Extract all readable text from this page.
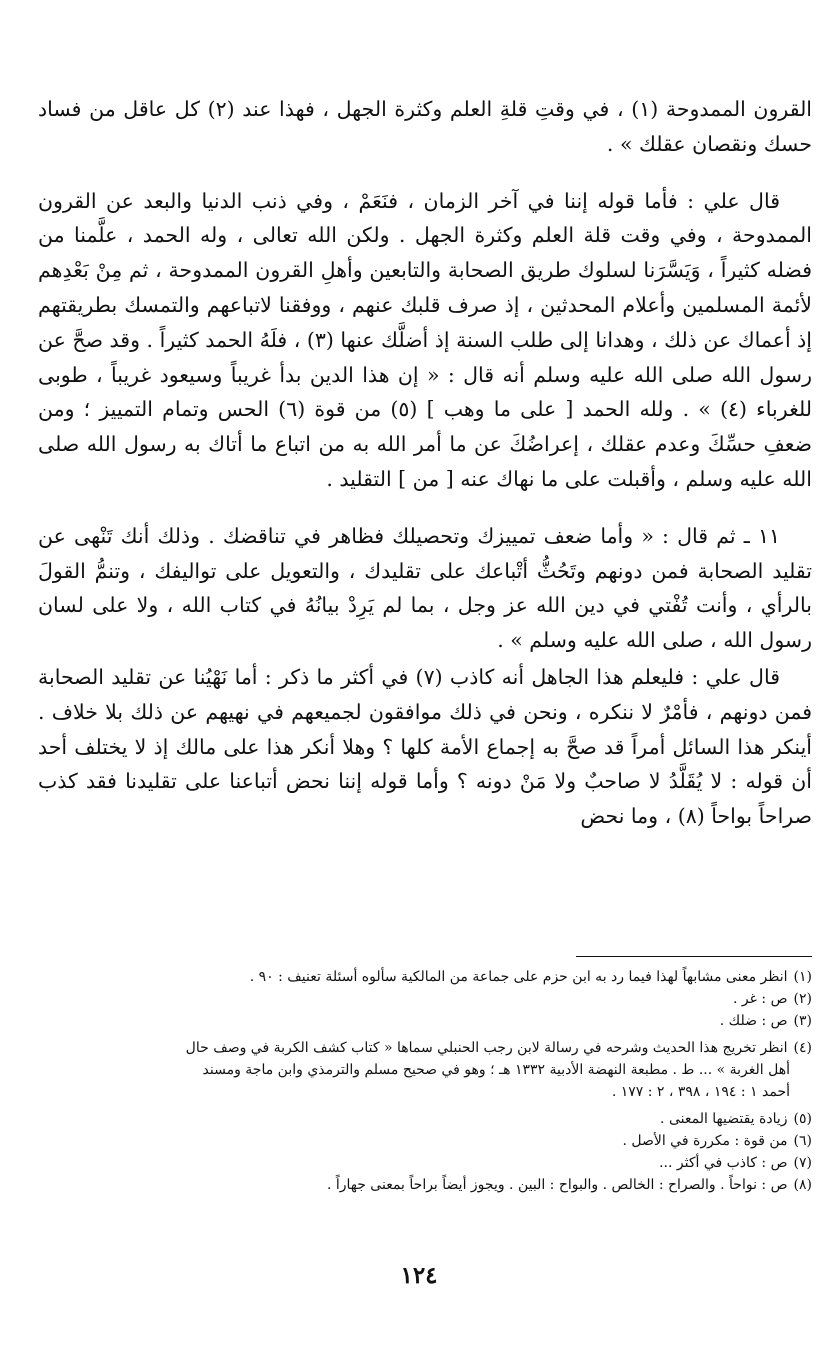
القرون الممدوحة (١) ، في وقتِ قلةِ العلم وكثرة الجهل ، فهذا عند (٢) كل عاقل من فساد حسك ونقصان عقلك » .

قال علي : فأما قوله إننا في آخر الزمان ، فنَعَمْ ، وفي ذنب الدنيا والبعد عن القرون الممدوحة ، وفي وقت قلة العلم وكثرة الجهل . ولكن الله تعالى ، وله الحمد ، علَّمنا من فضله كثيراً ، وَيَسَّرَنا لسلوك طريق الصحابة والتابعين وأهلِ القرون الممدوحة ، ثم مِنْ بَعْدِهم لأئمة المسلمين وأعلام المحدثين ، إذ صرف قلبك عنهم ، ووفقنا لاتباعهم والتمسك بطريقتهم إذ أعماك عن ذلك ، وهدانا إلى طلب السنة إذ أضلَّك عنها (٣) ، فلَهُ الحمد كثيراً . وقد صحَّ عن رسول الله صلى الله عليه وسلم أنه قال : « إن هذا الدين بدأ غريباً وسيعود غريباً ، طوبى للغرباء (٤) » . ولله الحمد [ على ما وهب ] (٥) من قوة (٦) الحس وتمام التمييز ؛ ومن ضعفِ حسِّكَ وعدم عقلك ، إعراضُكَ عن ما أمر الله به من اتباع ما أتاك به رسول الله صلى الله عليه وسلم ، وأقبلت على ما نهاك عنه [ من ] التقليد .

١١ ـ ثم قال : « وأما ضعف تمييزك وتحصيلك فظاهر في تناقضك . وذلك أنك تَنْهى عن تقليد الصحابة فمن دونهم وتَحُثُّ أتْباعك على تقليدك ، والتعويل على تواليفك ، وتنمُّ القولَ بالرأي ، وأنت تُفْتي في دين الله عز وجل ، بما لم يَرِدْ بيانُهُ في كتاب الله ، ولا على لسان رسول الله ، صلى الله عليه وسلم » .

قال علي : فليعلم هذا الجاهل أنه كاذب (٧) في أكثر ما ذكر : أما نَهْيُنا عن تقليد الصحابة فمن دونهم ، فأمْرٌ لا ننكره ، ونحن في ذلك موافقون لجميعهم في نهيهم عن ذلك بلا خلاف . أينكر هذا السائل أمراً قد صحَّ به إجماع الأمة كلها ؟ وهلا أنكر هذا على مالك إذ لا يختلف أحد أن قوله : لا يُقَلَّدُ لا صاحبٌ ولا مَنْ دونه ؟ وأما قوله إننا نحض أتباعنا على تقليدنا فقد كذب صراحاً بواحاً (٨) ، وما نحض

(١)
انظر معنى مشابهاً لهذا فيما رد به ابن حزم على جماعة من المالكية سألوه أسئلة تعنيف : ٩٠ .
(٢)
ص : غر .
(٣)
ص : ضلك .
(٤)
انظر تخريج هذا الحديث وشرحه في رسالة لابن رجب الحنبلي سماها « كتاب كشف الكربة في وصف حال
أهل الغربة » ... ط . مطبعة النهضة الأدبية ١٣٣٢ هـ ؛ وهو في صحيح مسلم والترمذي وابن ماجة ومسند
أحمد ١ : ١٩٤ ، ٣٩٨ ، ٢ : ١٧٧ .
(٥)
زيادة يقتضيها المعنى .
(٦)
من قوة : مكررة في الأصل .
(٧)
ص : كاذب في أكثر ...
(٨)
ص : نواحاً . والصراح : الخالص . والبواح : البين . ويجوز أيضاً براحاً بمعنى جهاراً .
١٢٤
